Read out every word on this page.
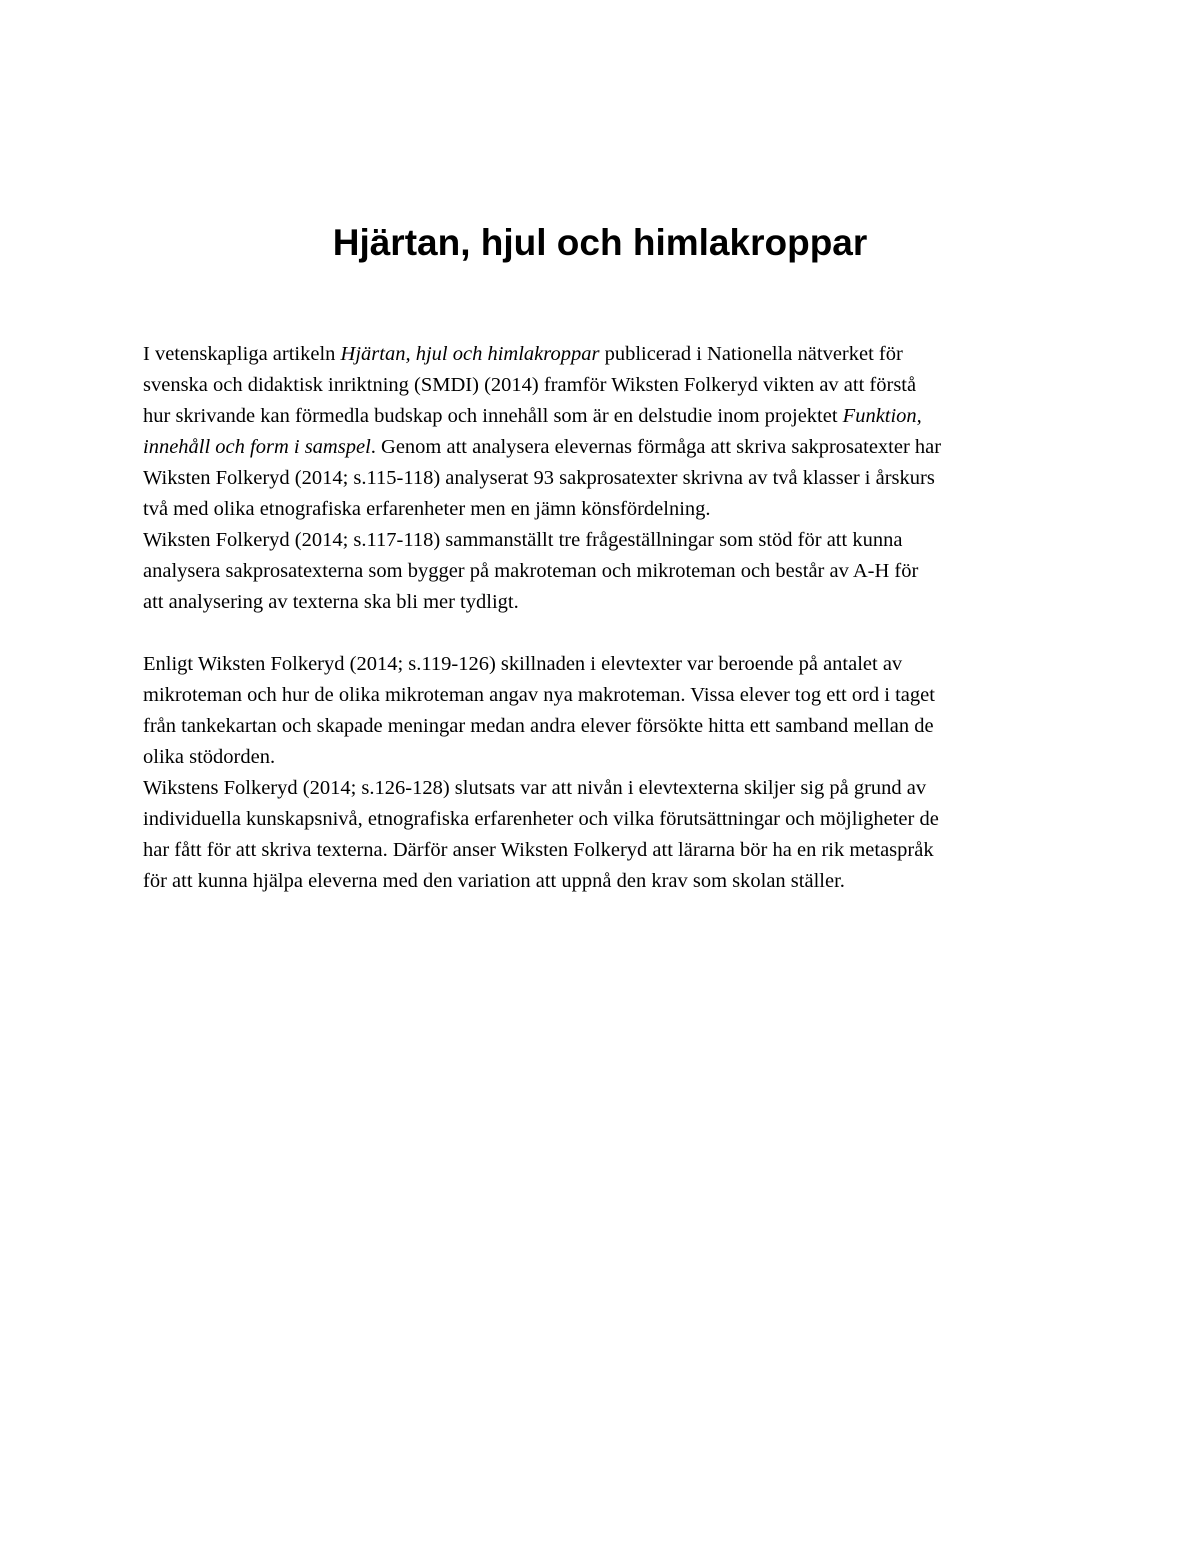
Hjärtan, hjul och himlakroppar
I vetenskapliga artikeln Hjärtan, hjul och himlakroppar publicerad i Nationella nätverket för
svenska och didaktisk inriktning (SMDI) (2014) framför Wiksten Folkeryd vikten av att förstå
hur skrivande kan förmedla budskap och innehåll som är en delstudie inom projektet Funktion,
innehåll och form i samspel. Genom att analysera elevernas förmåga att skriva sakprosatexter har
Wiksten Folkeryd (2014; s.115-118) analyserat 93 sakprosatexter skrivna av två klasser i årskurs
två med olika etnografiska erfarenheter men en jämn könsfördelning.
Wiksten Folkeryd (2014; s.117-118) sammanställt tre frågeställningar som stöd för att kunna
analysera sakprosatexterna som bygger på makroteman och mikroteman och består av A-H för
att analysering av texterna ska bli mer tydligt.
Enligt Wiksten Folkeryd (2014; s.119-126) skillnaden i elevtexter var beroende på antalet av
mikroteman och hur de olika mikroteman angav nya makroteman. Vissa elever tog ett ord i taget
från tankekartan och skapade meningar medan andra elever försökte hitta ett samband mellan de
olika stödorden.
Wikstens Folkeryd (2014; s.126-128) slutsats var att nivån i elevtexterna skiljer sig på grund av
individuella kunskapsnivå, etnografiska erfarenheter och vilka förutsättningar och möjligheter de
har fått för att skriva texterna. Därför anser Wiksten Folkeryd att lärarna bör ha en rik metaspråk
för att kunna hjälpa eleverna med den variation att uppnå den krav som skolan ställer.
